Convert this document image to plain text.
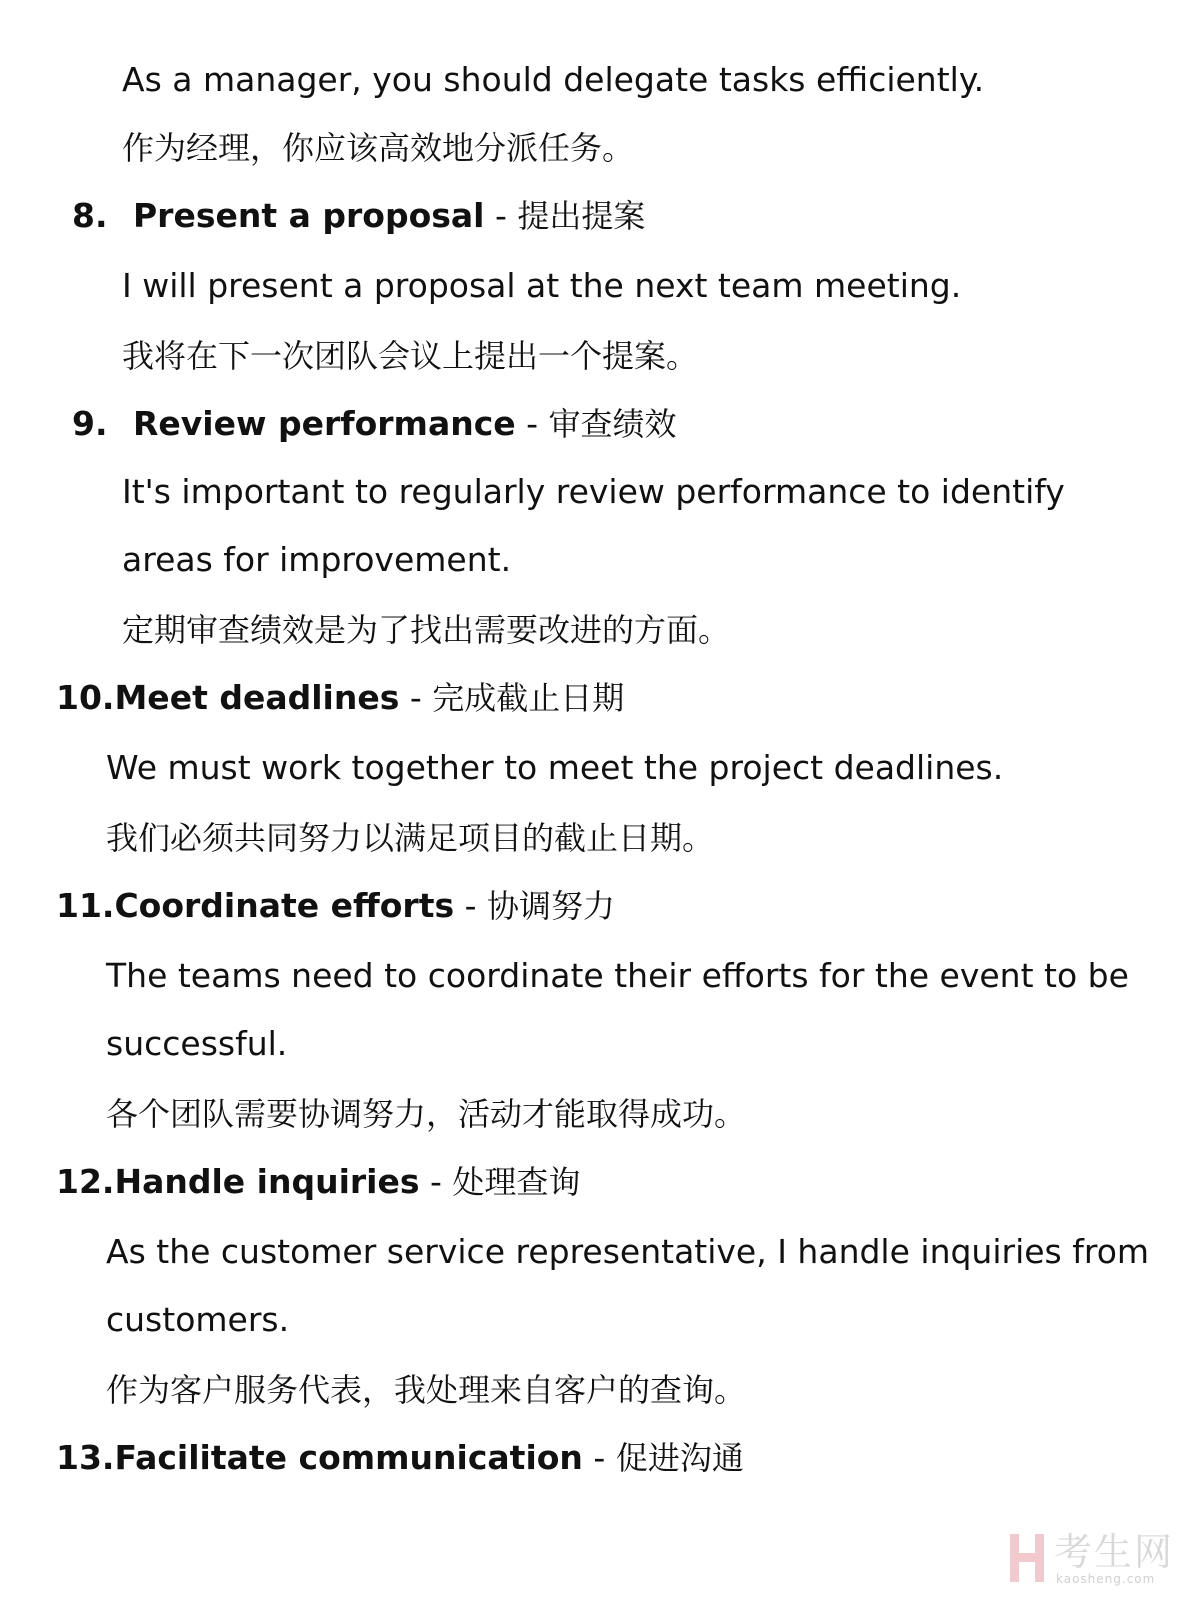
As a manager, you should delegate tasks efficiently.
作为经理，你应该高效地分派任务。
8. Present a proposal - 提出提案
I will present a proposal at the next team meeting.
我将在下一次团队会议上提出一个提案。
9. Review performance - 审查绩效
It's important to regularly review performance to identify
areas for improvement.
定期审查绩效是为了找出需要改进的方面。
10.Meet deadlines - 完成截止日期
We must work together to meet the project deadlines.
我们必须共同努力以满足项目的截止日期。
11.Coordinate efforts - 协调努力
The teams need to coordinate their efforts for the event to be
successful.
各个团队需要协调努力，活动才能取得成功。
12.Handle inquiries - 处理查询
As the customer service representative, I handle inquiries from
customers.
作为客户服务代表，我处理来自客户的查询。
13.Facilitate communication - 促进沟通
考生网
kaosheng.com
